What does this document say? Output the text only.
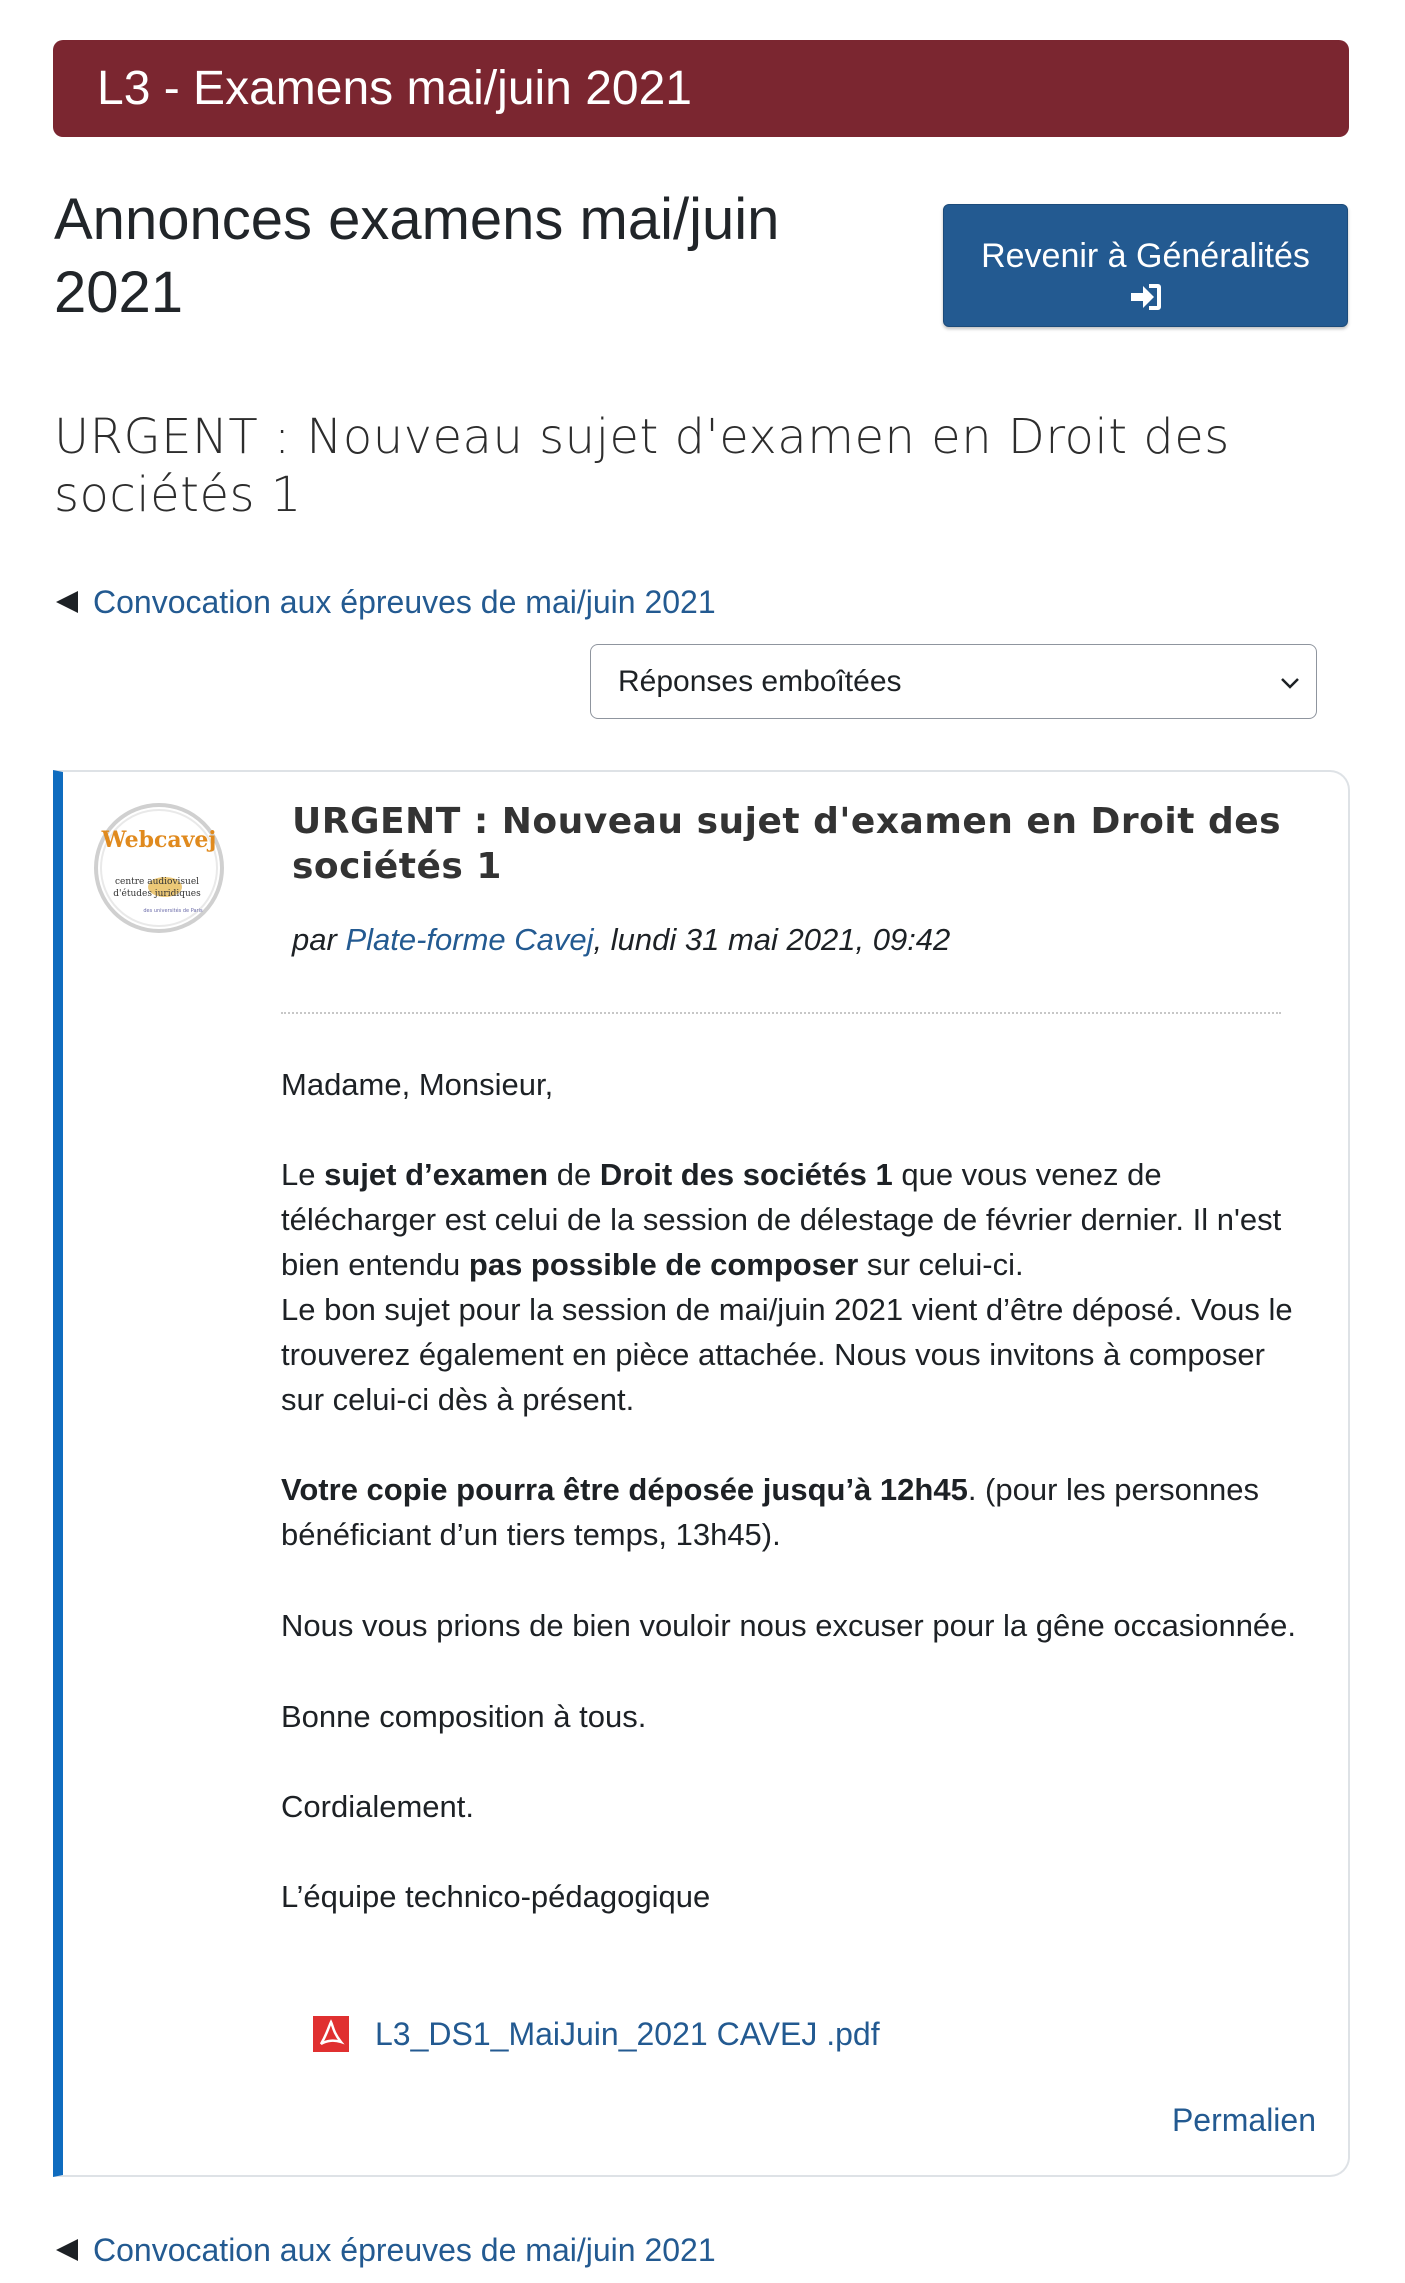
L3 - Examens mai/juin 2021
Annonces examens mai/juin 2021
Revenir à Généralités
URGENT : Nouveau sujet d'examen en Droit des sociétés 1
Convocation aux épreuves de mai/juin 2021
Réponses emboîtées
Webcavej
centre audiovisuel
d'études juridiques
des universités de Paris
URGENT : Nouveau sujet d'examen en Droit des sociétés 1
par Plate-forme Cavej, lundi 31 mai 2021, 09:42

Madame, Monsieur,

Le sujet d’examen de Droit des sociétés 1 que vous venez de télécharger est celui de la session de délestage de février dernier. Il n'est bien entendu pas possible de composer sur celui-ci.

Le bon sujet pour la session de mai/juin 2021 vient d’être déposé. Vous le trouverez également en pièce attachée. Nous vous invitons à composer sur celui-ci dès à présent.

Votre copie pourra être déposée jusqu’à 12h45. (pour les personnes bénéficiant d’un tiers temps, 13h45).

Nous vous prions de bien vouloir nous excuser pour la gêne occasionnée.

Bonne composition à tous.

Cordialement.

L’équipe technico-pédagogique

L3_DS1_MaiJuin_2021 CAVEJ .pdf
Permalien
Convocation aux épreuves de mai/juin 2021
